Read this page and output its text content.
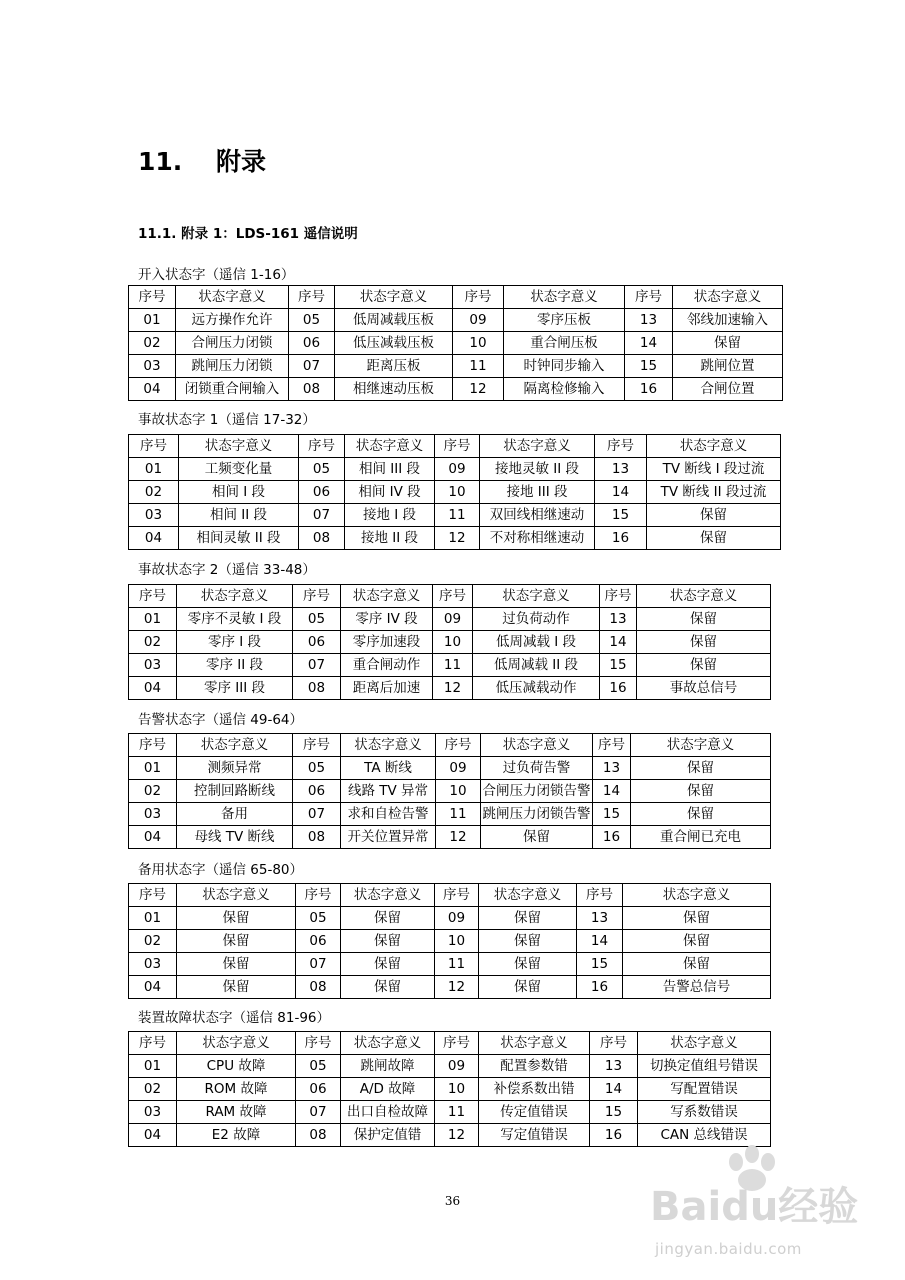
11. 附录
11.1. 附录 1：LDS-161 遥信说明
开入状态字（遥信 1-16）
序号	状态字意义	序号	状态字意义	序号	状态字意义	序号	状态字意义
01	远方操作允许	05	低周减载压板	09	零序压板	13	邻线加速输入
02	合闸压力闭锁	06	低压减载压板	10	重合闸压板	14	保留
03	跳闸压力闭锁	07	距离压板	11	时钟同步输入	15	跳闸位置
04	闭锁重合闸输入	08	相继速动压板	12	隔离检修输入	16	合闸位置
事故状态字 1（遥信 17-32）
序号	状态字意义	序号	状态字意义	序号	状态字意义	序号	状态字意义
01	工频变化量	05	相间 III 段	09	接地灵敏 II 段	13	TV 断线 I 段过流
02	相间 I 段	06	相间 IV 段	10	接地 III 段	14	TV 断线 II 段过流
03	相间 II 段	07	接地 I 段	11	双回线相继速动	15	保留
04	相间灵敏 II 段	08	接地 II 段	12	不对称相继速动	16	保留
事故状态字 2（遥信 33-48）
序号	状态字意义	序号	状态字意义	序号	状态字意义	序号	状态字意义
01	零序不灵敏 I 段	05	零序 IV 段	09	过负荷动作	13	保留
02	零序 I 段	06	零序加速段	10	低周减载 I 段	14	保留
03	零序 II 段	07	重合闸动作	11	低周减载 II 段	15	保留
04	零序 III 段	08	距离后加速	12	低压减载动作	16	事故总信号
告警状态字（遥信 49-64）
序号	状态字意义	序号	状态字意义	序号	状态字意义	序号	状态字意义
01	测频异常	05	TA 断线	09	过负荷告警	13	保留
02	控制回路断线	06	线路 TV 异常	10	合闸压力闭锁告警	14	保留
03	备用	07	求和自检告警	11	跳闸压力闭锁告警	15	保留
04	母线 TV 断线	08	开关位置异常	12	保留	16	重合闸已充电
备用状态字（遥信 65-80）
序号	状态字意义	序号	状态字意义	序号	状态字意义	序号	状态字意义
01	保留	05	保留	09	保留	13	保留
02	保留	06	保留	10	保留	14	保留
03	保留	07	保留	11	保留	15	保留
04	保留	08	保留	12	保留	16	告警总信号
装置故障状态字（遥信 81-96）
序号	状态字意义	序号	状态字意义	序号	状态字意义	序号	状态字意义
01	CPU 故障	05	跳闸故障	09	配置参数错	13	切换定值组号错误
02	ROM 故障	06	A/D 故障	10	补偿系数出错	14	写配置错误
03	RAM 故障	07	出口自检故障	11	传定值错误	15	写系数错误
04	E2 故障	08	保护定值错	12	写定值错误	16	CAN 总线错误
36	Baidu经验
jingyan.baidu.com
